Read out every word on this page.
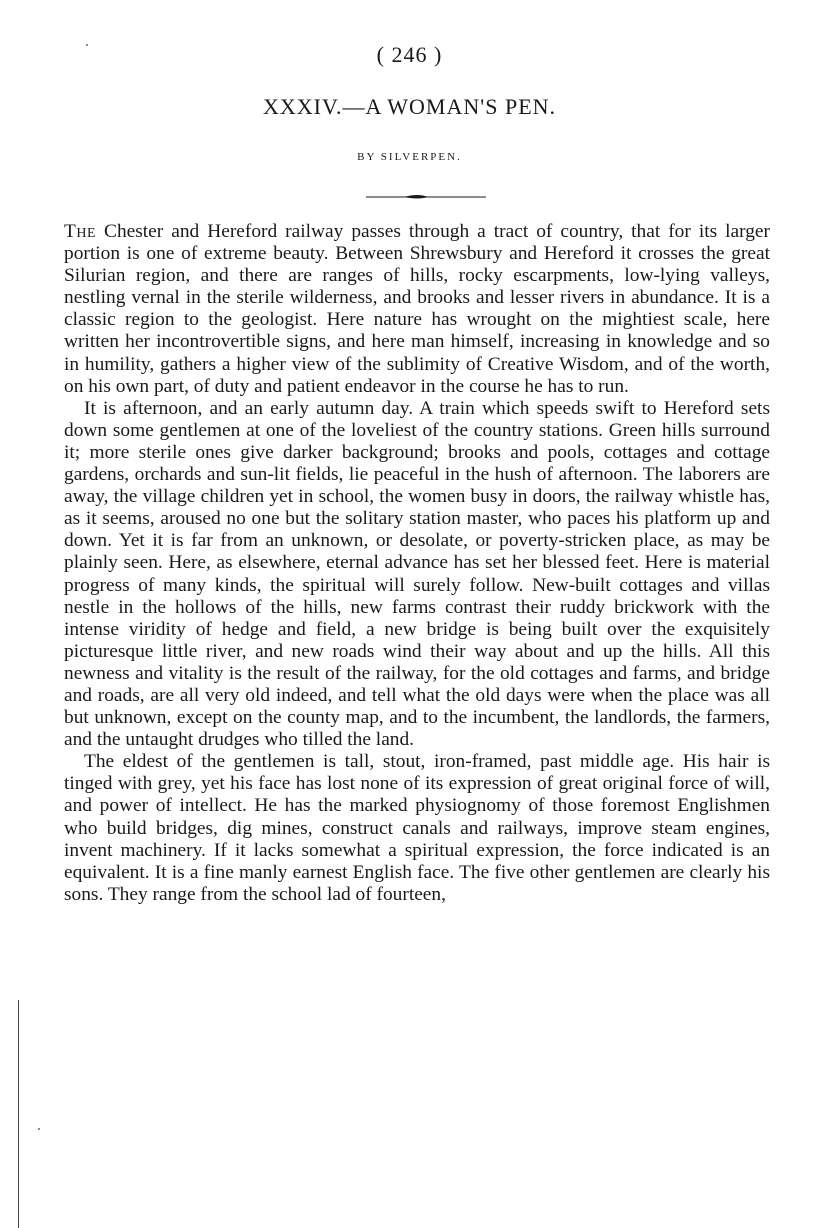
( 246 )
XXXIV.—A WOMAN'S PEN.
BY SILVERPEN.

The Chester and Hereford railway passes through a tract of country, that for its larger portion is one of extreme beauty. Between Shrewsbury and Hereford it crosses the great Silurian region, and there are ranges of hills, rocky escarpments, low-lying valleys, nestling vernal in the sterile wilderness, and brooks and lesser rivers in abundance. It is a classic region to the geologist. Here nature has wrought on the mightiest scale, here written her incontrovertible signs, and here man himself, increasing in knowledge and so in humility, gathers a higher view of the sublimity of Creative Wisdom, and of the worth, on his own part, of duty and patient endeavor in the course he has to run.

It is afternoon, and an early autumn day. A train which speeds swift to Hereford sets down some gentlemen at one of the loveliest of the country stations. Green hills surround it; more sterile ones give darker background; brooks and pools, cottages and cottage gardens, orchards and sun-lit fields, lie peaceful in the hush of afternoon. The laborers are away, the village children yet in school, the women busy in doors, the railway whistle has, as it seems, aroused no one but the solitary station master, who paces his platform up and down. Yet it is far from an unknown, or desolate, or poverty-stricken place, as may be plainly seen. Here, as elsewhere, eternal advance has set her blessed feet. Here is material progress of many kinds, the spiritual will surely follow. New-built cottages and villas nestle in the hollows of the hills, new farms contrast their ruddy brickwork with the intense viridity of hedge and field, a new bridge is being built over the exquisitely picturesque little river, and new roads wind their way about and up the hills. All this newness and vitality is the result of the railway, for the old cottages and farms, and bridge and roads, are all very old indeed, and tell what the old days were when the place was all but unknown, except on the county map, and to the incumbent, the landlords, the farmers, and the untaught drudges who tilled the land.

The eldest of the gentlemen is tall, stout, iron-framed, past middle age. His hair is tinged with grey, yet his face has lost none of its expression of great original force of will, and power of intellect. He has the marked physiognomy of those foremost Englishmen who build bridges, dig mines, construct canals and railways, improve steam engines, invent machinery. If it lacks somewhat a spiritual expression, the force indicated is an equivalent. It is a fine manly earnest English face. The five other gentlemen are clearly his sons. They range from the school lad of fourteen,
